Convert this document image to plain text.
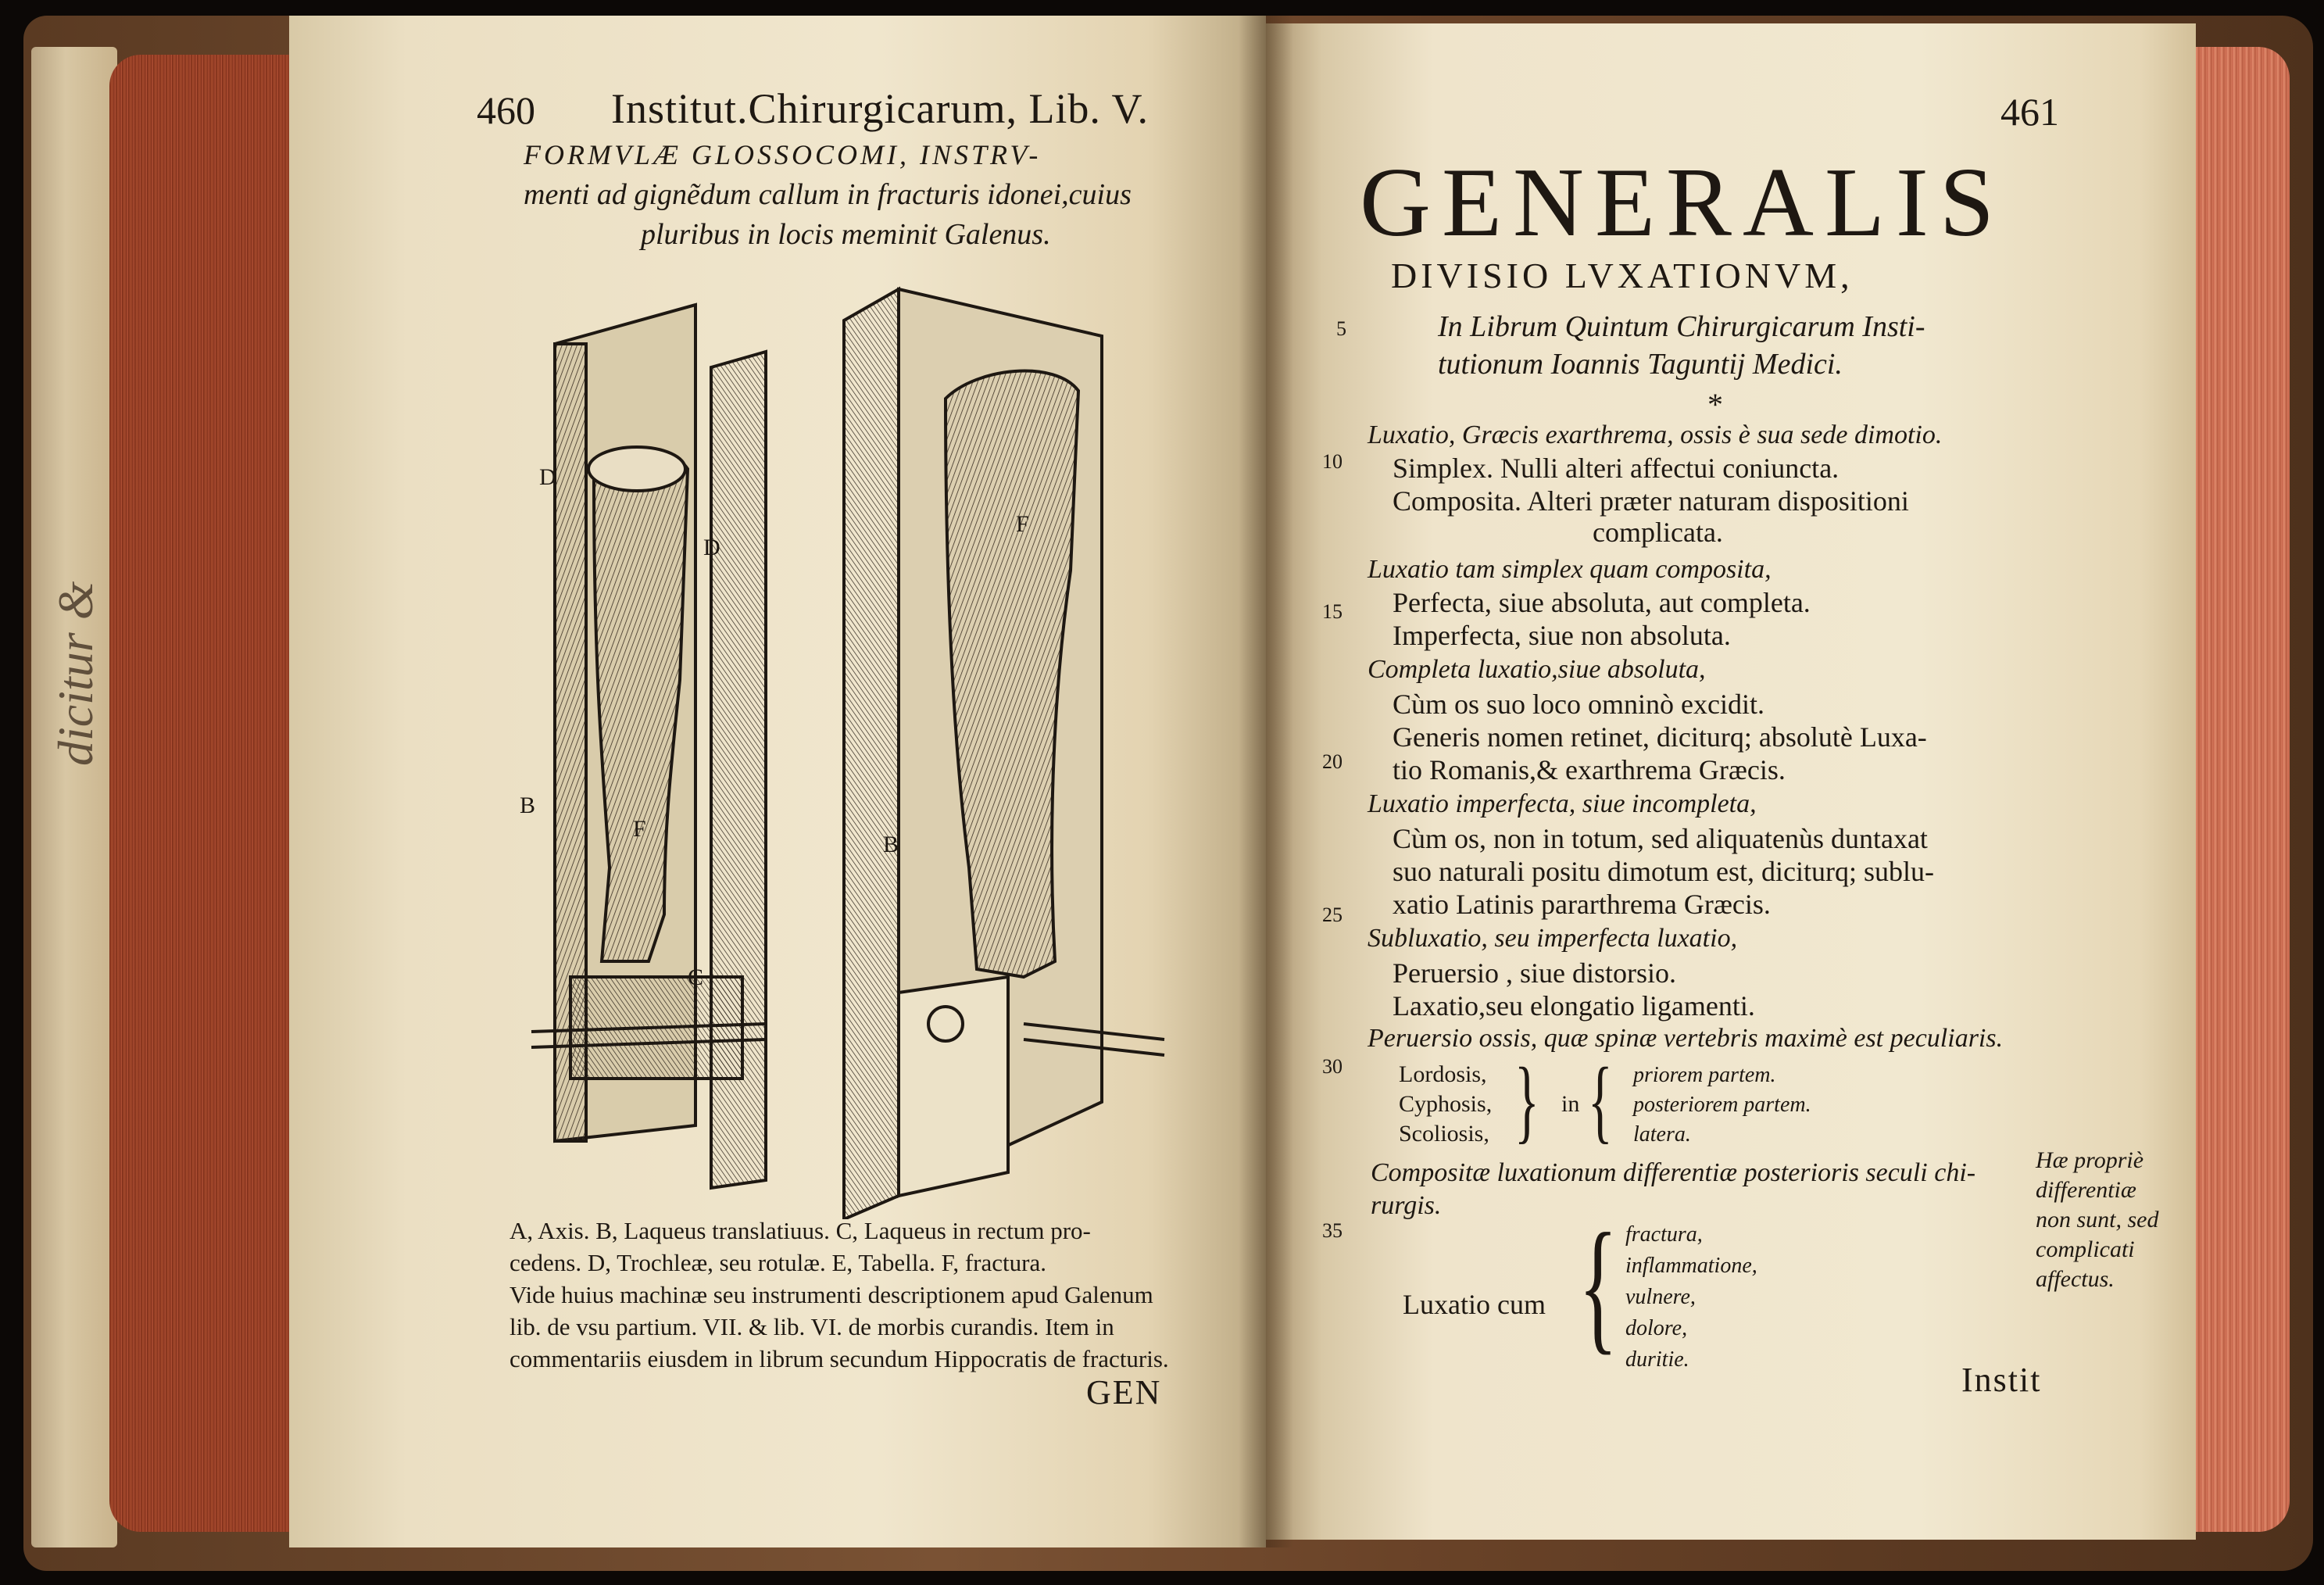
dicitur &
460 Institut.Chirurgicarum, Lib. V.
FORMVLÆ GLOSSOCOMI, INSTRV-
menti ad gignẽdum callum in fracturis idonei,cuius
pluribus in locis meminit Galenus.
A, Axis. B, Laqueus translatiuus. C, Laqueus in rectum pro-
cedens. D, Trochleæ, seu rotulæ. E, Tabella. F, fractura.
Vide huius machinæ seu instrumenti descriptionem apud Galenum
lib. de vsu partium. VII. & lib. VI. de morbis curandis. Item in
commentariis eiusdem in librum secundum Hippocratis de fracturis.
GEN
D
D
B
F
C
F
B
461
GENERALIS
DIVISIO LVXATIONVM,
In Librum Quintum Chirurgicarum Insti-
tutionum Ioannis Taguntij Medici.
*
5
10
15
20
25
30
35
Luxatio, Græcis exarthrema, ossis è sua sede dimotio.
Simplex. Nulli alteri affectui coniuncta.
Composita. Alteri præter naturam dispositioni
complicata.
Luxatio tam simplex quam composita,
Perfecta, siue absoluta, aut completa.
Imperfecta, siue non absoluta.
Completa luxatio,siue absoluta,
Cùm os suo loco omninò excidit.
Generis nomen retinet, diciturq; absolutè Luxa-
tio Romanis,& exarthrema Græcis.
Luxatio imperfecta, siue incompleta,
Cùm os, non in totum, sed aliquatenùs duntaxat
suo naturali positu dimotum est, diciturq; sublu-
xatio Latinis pararthrema Græcis.
Subluxatio, seu imperfecta luxatio,
Peruersio , siue distorsio.
Laxatio,seu elongatio ligamenti.
Peruersio ossis, quæ spinæ vertebris maximè est peculiaris.
Lordosis,
Cyphosis,
Scoliosis, } in { priorem partem.
posteriorem partem.
latera.
Compositæ luxationum differentiæ posterioris seculi chi-
rurgis.
Luxatio cum { fractura,
inflammatione,
vulnere,
dolore,
duritie.
Hæ propriè
differentiæ
non sunt, sed
complicati
affectus.
Instit
